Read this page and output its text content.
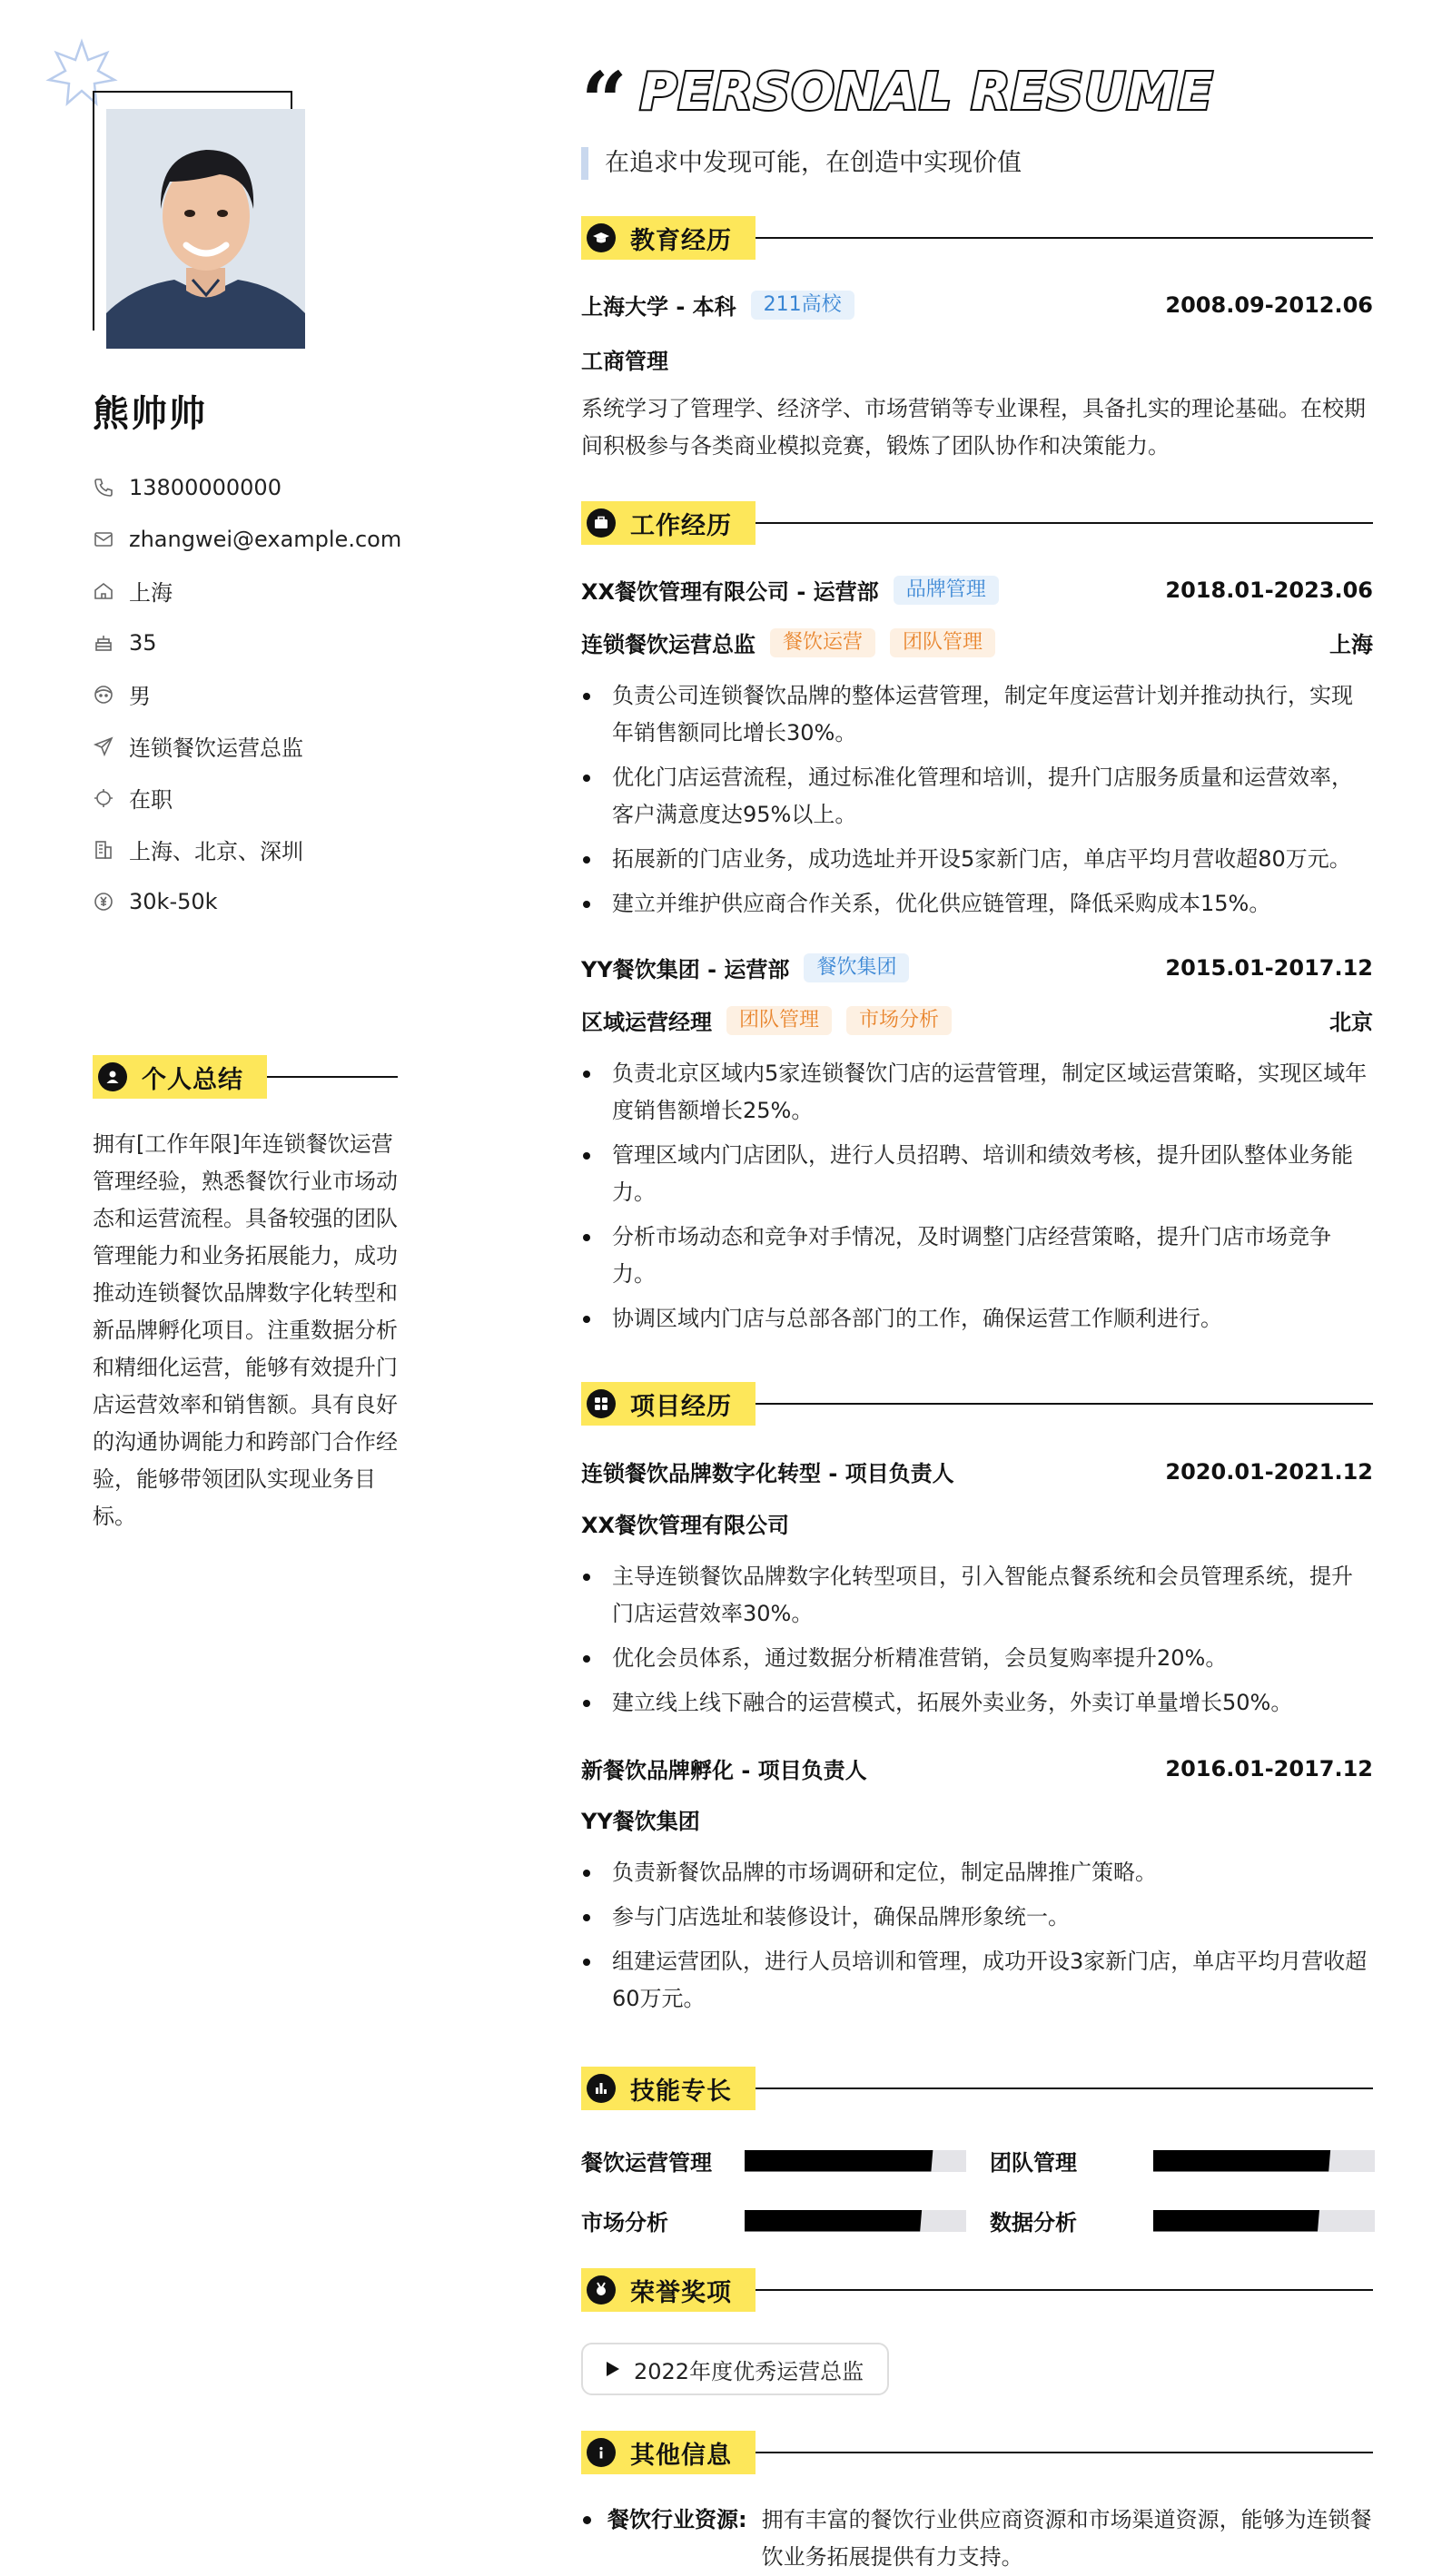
熊帅帅
13800000000
zhangwei@example.com
上海
35
男
连锁餐饮运营总监
在职
上海、北京、深圳
30k-50k
个人总结
拥有[工作年限]年连锁餐饮运营管理经验，熟悉餐饮行业市场动态和运营流程。具备较强的团队管理能力和业务拓展能力，成功推动连锁餐饮品牌数字化转型和新品牌孵化项目。注重数据分析和精细化运营，能够有效提升门店运营效率和销售额。具有良好的沟通协调能力和跨部门合作经验，能够带领团队实现业务目标。
“ PERSONAL RESUME
在追求中发现可能，在创造中实现价值
教育经历
上海大学 - 本科	211高校	2008.09-2012.06
工商管理
系统学习了管理学、经济学、市场营销等专业课程，具备扎实的理论基础。在校期间积极参与各类商业模拟竞赛，锻炼了团队协作和决策能力。
工作经历
XX餐饮管理有限公司 - 运营部	品牌管理	2018.01-2023.06
连锁餐饮运营总监	餐饮运营	团队管理	上海
负责公司连锁餐饮品牌的整体运营管理，制定年度运营计划并推动执行，实现年销售额同比增长30%。
优化门店运营流程，通过标准化管理和培训，提升门店服务质量和运营效率，客户满意度达95%以上。
拓展新的门店业务，成功选址并开设5家新门店，单店平均月营收超80万元。
建立并维护供应商合作关系，优化供应链管理，降低采购成本15%。
YY餐饮集团 - 运营部	餐饮集团	2015.01-2017.12
区域运营经理	团队管理	市场分析	北京
负责北京区域内5家连锁餐饮门店的运营管理，制定区域运营策略，实现区域年度销售额增长25%。
管理区域内门店团队，进行人员招聘、培训和绩效考核，提升团队整体业务能力。
分析市场动态和竞争对手情况，及时调整门店经营策略，提升门店市场竞争力。
协调区域内门店与总部各部门的工作，确保运营工作顺利进行。
项目经历
连锁餐饮品牌数字化转型 - 项目负责人	2020.01-2021.12
XX餐饮管理有限公司
主导连锁餐饮品牌数字化转型项目，引入智能点餐系统和会员管理系统，提升门店运营效率30%。
优化会员体系，通过数据分析精准营销，会员复购率提升20%。
建立线上线下融合的运营模式，拓展外卖业务，外卖订单量增长50%。
新餐饮品牌孵化 - 项目负责人	2016.01-2017.12
YY餐饮集团
负责新餐饮品牌的市场调研和定位，制定品牌推广策略。
参与门店选址和装修设计，确保品牌形象统一。
组建运营团队，进行人员培训和管理，成功开设3家新门店，单店平均月营收超60万元。
技能专长
餐饮运营管理	团队管理
市场分析	数据分析
荣誉奖项
2022年度优秀运营总监
其他信息
餐饮行业资源: 拥有丰富的餐饮行业供应商资源和市场渠道资源，能够为连锁餐饮业务拓展提供有力支持。
